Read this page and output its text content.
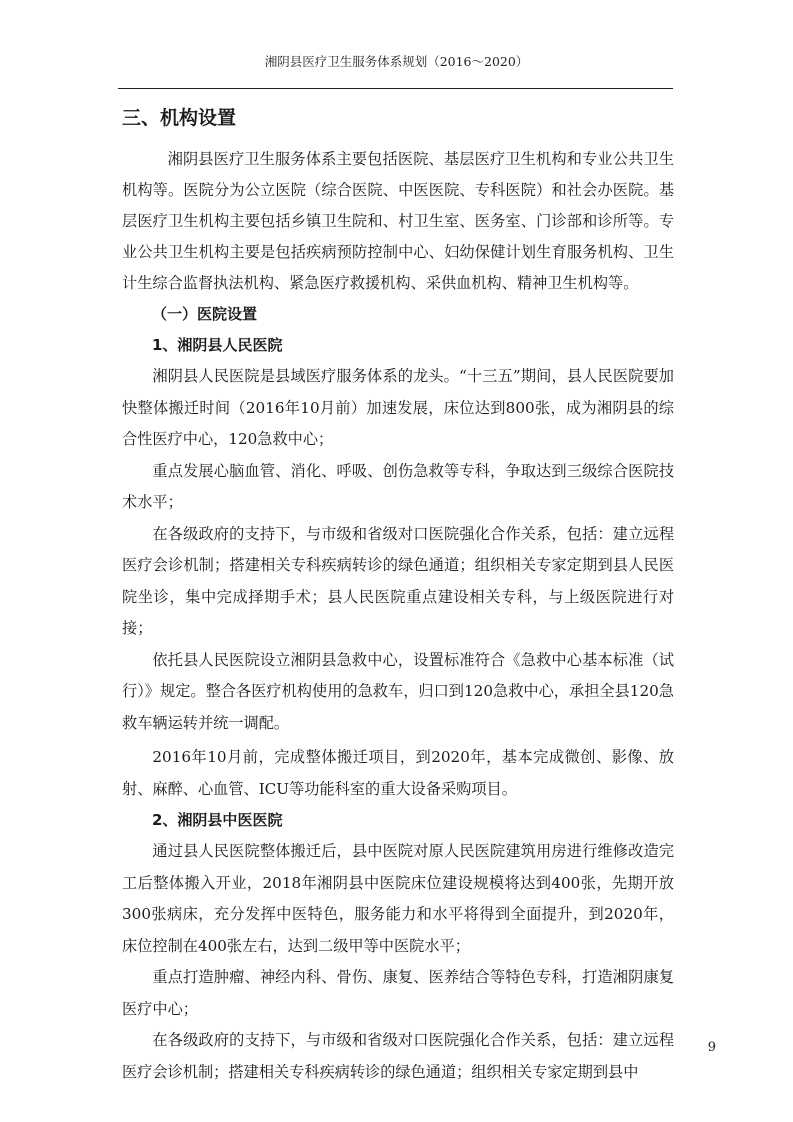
湘阴县医疗卫生服务体系规划（2016～2020）
三、机构设置

湘阴县医疗卫生服务体系主要包括医院、基层医疗卫生机构和专业公共卫生机构等。医院分为公立医院（综合医院、中医医院、专科医院）和社会办医院。基层医疗卫生机构主要包括乡镇卫生院和、村卫生室、医务室、门诊部和诊所等。专业公共卫生机构主要是包括疾病预防控制中心、妇幼保健计划生育服务机构、卫生计生综合监督执法机构、紧急医疗救援机构、采供血机构、精神卫生机构等。

（一）医院设置
1、湘阴县人民医院

湘阴县人民医院是县域医疗服务体系的龙头。“十三五”期间，县人民医院要加快整体搬迁时间（2016年10月前）加速发展，床位达到800张，成为湘阴县的综合性医疗中心，120急救中心；

重点发展心脑血管、消化、呼吸、创伤急救等专科，争取达到三级综合医院技术水平；

在各级政府的支持下，与市级和省级对口医院强化合作关系，包括：建立远程医疗会诊机制；搭建相关专科疾病转诊的绿色通道；组织相关专家定期到县人民医院坐诊，集中完成择期手术；县人民医院重点建设相关专科，与上级医院进行对接；

依托县人民医院设立湘阴县急救中心，设置标准符合《急救中心基本标准（试行）》规定。整合各医疗机构使用的急救车，归口到120急救中心，承担全县120急救车辆运转并统一调配。

2016年10月前，完成整体搬迁项目，到2020年，基本完成微创、影像、放射、麻醉、心血管、ICU等功能科室的重大设备采购项目。

2、湘阴县中医医院

通过县人民医院整体搬迁后，县中医院对原人民医院建筑用房进行维修改造完工后整体搬入开业，2018年湘阴县中医院床位建设规模将达到400张，先期开放300张病床，充分发挥中医特色，服务能力和水平将得到全面提升，到2020年，床位控制在400张左右，达到二级甲等中医院水平；

重点打造肿瘤、神经内科、骨伤、康复、医养结合等特色专科，打造湘阴康复医疗中心；

在各级政府的支持下，与市级和省级对口医院强化合作关系，包括：建立远程医疗会诊机制；搭建相关专科疾病转诊的绿色通道；组织相关专家定期到县中

9
